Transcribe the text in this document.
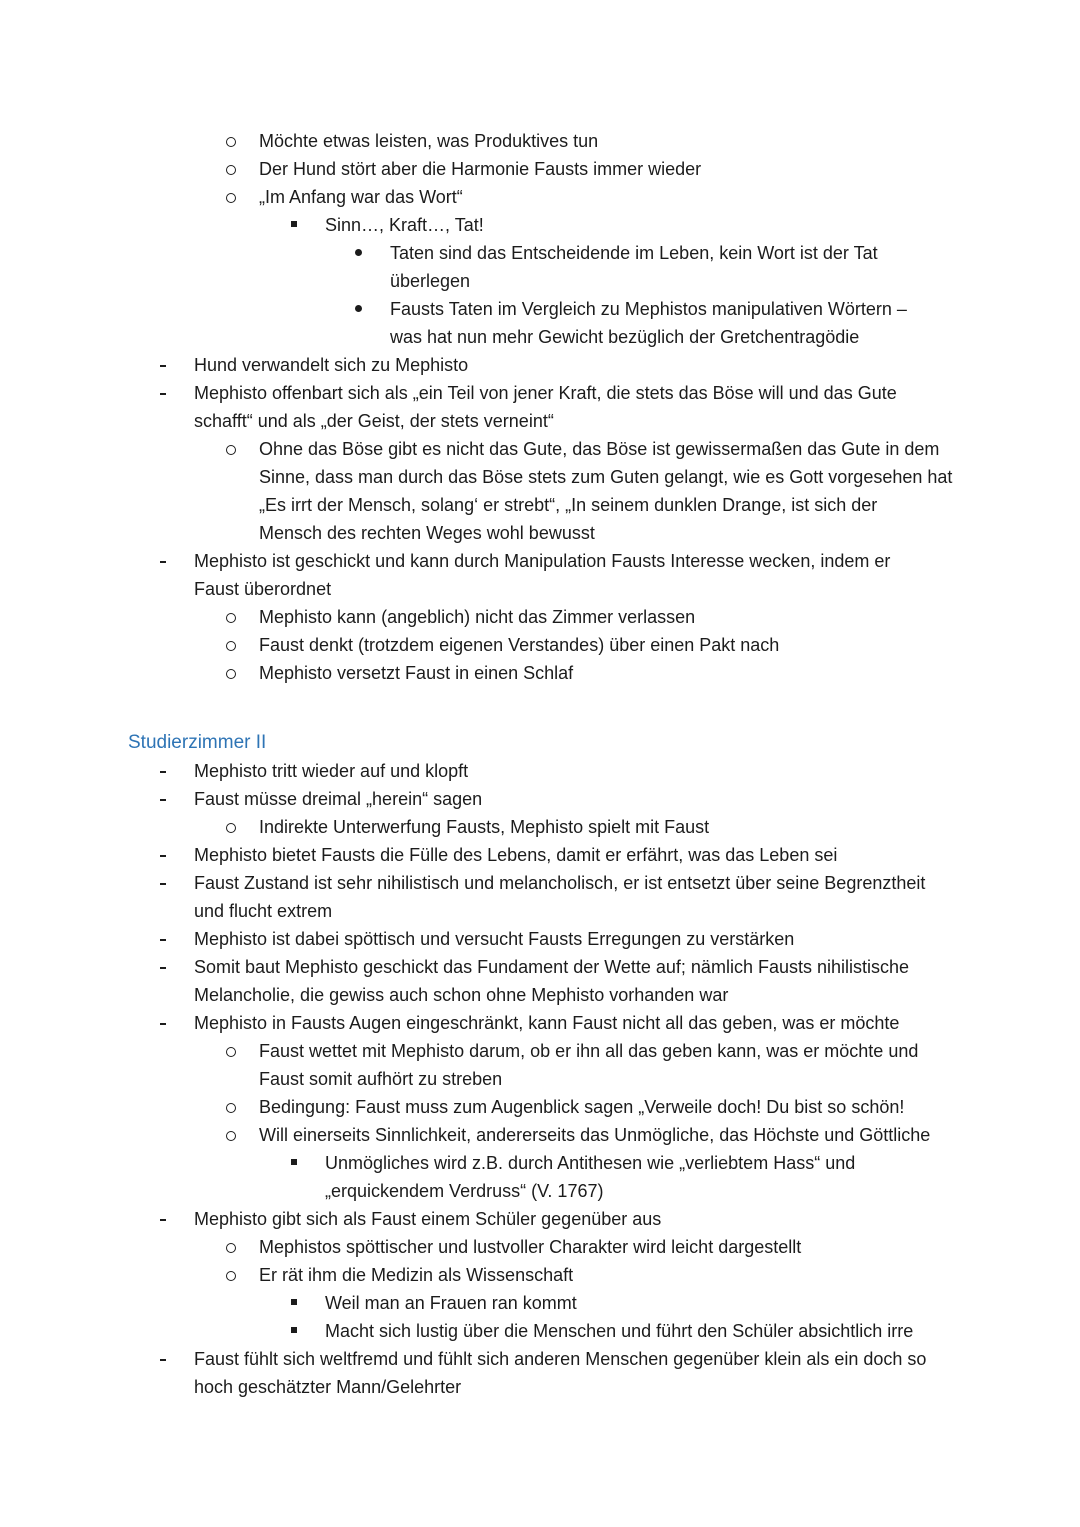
Möchte etwas leisten, was Produktives tun
Der Hund stört aber die Harmonie Fausts immer wieder
„Im Anfang war das Wort“
Sinn…, Kraft…, Tat!
Taten sind das Entscheidende im Leben, kein Wort ist der Tat
überlegen
Fausts Taten im Vergleich zu Mephistos manipulativen Wörtern –
was hat nun mehr Gewicht bezüglich der Gretchentragödie
Hund verwandelt sich zu Mephisto
Mephisto offenbart sich als „ein Teil von jener Kraft, die stets das Böse will und das Gute
schafft“ und als „der Geist, der stets verneint“
Ohne das Böse gibt es nicht das Gute, das Böse ist gewissermaßen das Gute in dem
Sinne, dass man durch das Böse stets zum Guten gelangt, wie es Gott vorgesehen hat
„Es irrt der Mensch, solang‘ er strebt“, „In seinem dunklen Drange, ist sich der
Mensch des rechten Weges wohl bewusst
Mephisto ist geschickt und kann durch Manipulation Fausts Interesse wecken, indem er
Faust überordnet
Mephisto kann (angeblich) nicht das Zimmer verlassen
Faust denkt (trotzdem eigenen Verstandes) über einen Pakt nach
Mephisto versetzt Faust in einen Schlaf
Studierzimmer II
Mephisto tritt wieder auf und klopft
Faust müsse dreimal „herein“ sagen
Indirekte Unterwerfung Fausts, Mephisto spielt mit Faust
Mephisto bietet Fausts die Fülle des Lebens, damit er erfährt, was das Leben sei
Faust Zustand ist sehr nihilistisch und melancholisch, er ist entsetzt über seine Begrenztheit
und flucht extrem
Mephisto ist dabei spöttisch und versucht Fausts Erregungen zu verstärken
Somit baut Mephisto geschickt das Fundament der Wette auf; nämlich Fausts nihilistische
Melancholie, die gewiss auch schon ohne Mephisto vorhanden war
Mephisto in Fausts Augen eingeschränkt, kann Faust nicht all das geben, was er möchte
Faust wettet mit Mephisto darum, ob er ihn all das geben kann, was er möchte und
Faust somit aufhört zu streben
Bedingung: Faust muss zum Augenblick sagen „Verweile doch! Du bist so schön!
Will einerseits Sinnlichkeit, andererseits das Unmögliche, das Höchste und Göttliche
Unmögliches wird z.B. durch Antithesen wie „verliebtem Hass“ und
„erquickendem Verdruss“ (V. 1767)
Mephisto gibt sich als Faust einem Schüler gegenüber aus
Mephistos spöttischer und lustvoller Charakter wird leicht dargestellt
Er rät ihm die Medizin als Wissenschaft
Weil man an Frauen ran kommt
Macht sich lustig über die Menschen und führt den Schüler absichtlich irre
Faust fühlt sich weltfremd und fühlt sich anderen Menschen gegenüber klein als ein doch so
hoch geschätzter Mann/Gelehrter
